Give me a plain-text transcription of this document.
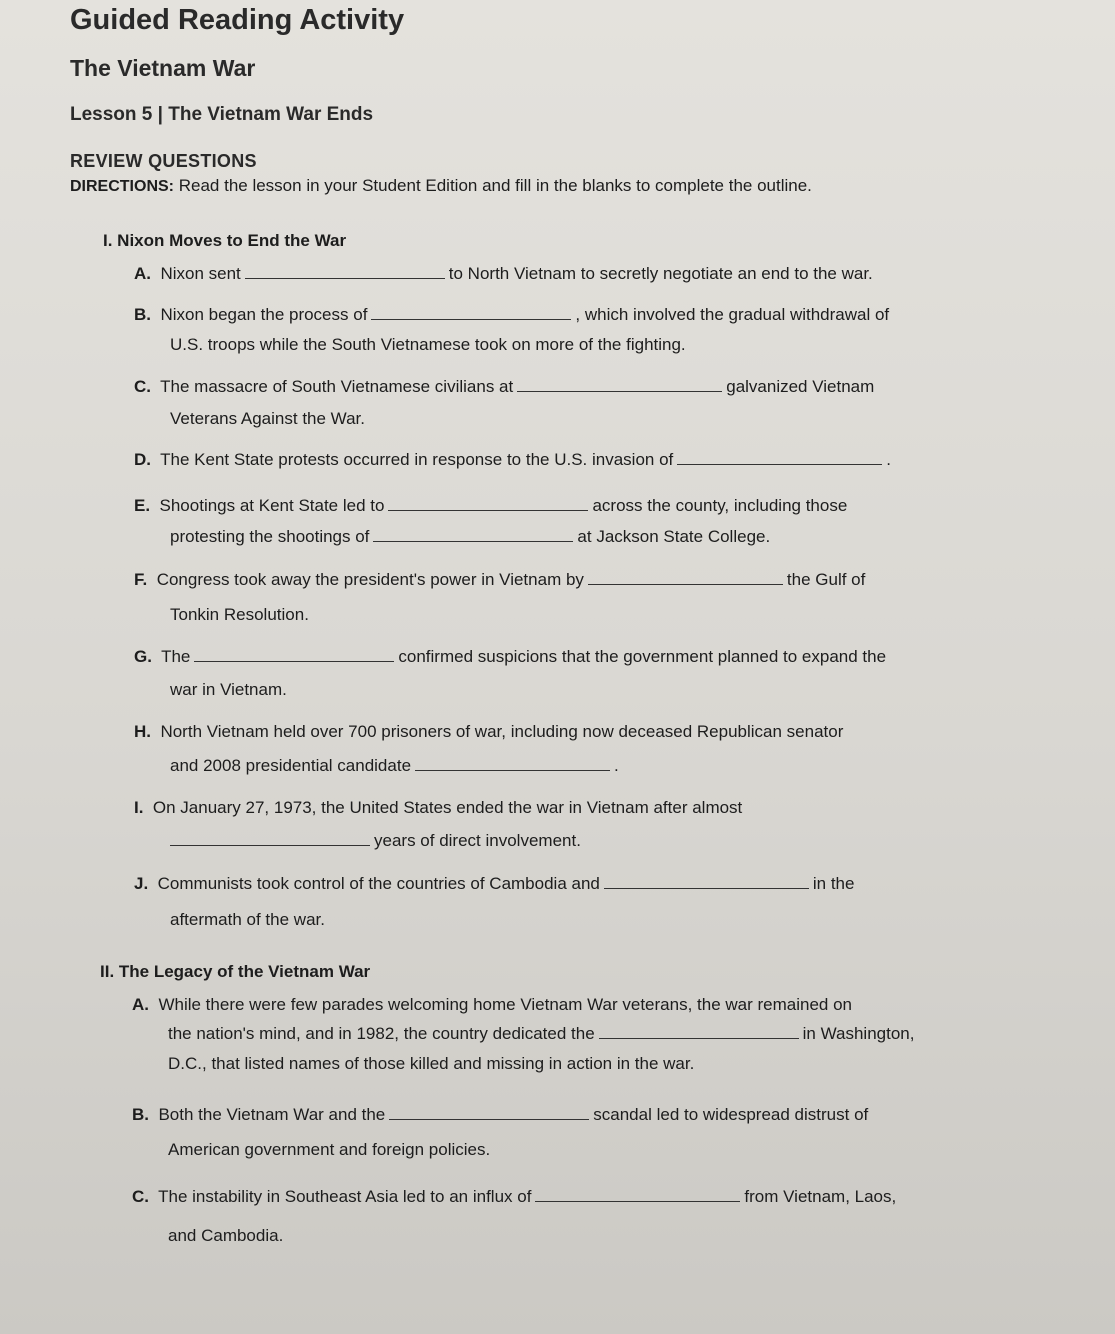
Guided Reading Activity
The Vietnam War
Lesson 5 | The Vietnam War Ends
REVIEW QUESTIONS
DIRECTIONS: Read the lesson in your Student Edition and fill in the blanks to complete the outline.
I. Nixon Moves to End the War
A. Nixon sent	to North Vietnam to secretly negotiate an end to the war.
B. Nixon began the process of	, which involved the gradual withdrawal of
U.S. troops while the South Vietnamese took on more of the fighting.
C. The massacre of South Vietnamese civilians at	galvanized Vietnam
Veterans Against the War.
D. The Kent State protests occurred in response to the U.S. invasion of	.
E. Shootings at Kent State led to	across the county, including those
protesting the shootings of	at Jackson State College.
F. Congress took away the president's power in Vietnam by	the Gulf of
Tonkin Resolution.
G. The	confirmed suspicions that the government planned to expand the
war in Vietnam.
H. North Vietnam held over 700 prisoners of war, including now deceased Republican senator
and 2008 presidential candidate	.
I. On January 27, 1973, the United States ended the war in Vietnam after almost
years of direct involvement.
J. Communists took control of the countries of Cambodia and	in the
aftermath of the war.
II. The Legacy of the Vietnam War
A. While there were few parades welcoming home Vietnam War veterans, the war remained on
the nation's mind, and in 1982, the country dedicated the	in Washington,
D.C., that listed names of those killed and missing in action in the war.
B. Both the Vietnam War and the	scandal led to widespread distrust of
American government and foreign policies.
C. The instability in Southeast Asia led to an influx of	from Vietnam, Laos,
and Cambodia.
